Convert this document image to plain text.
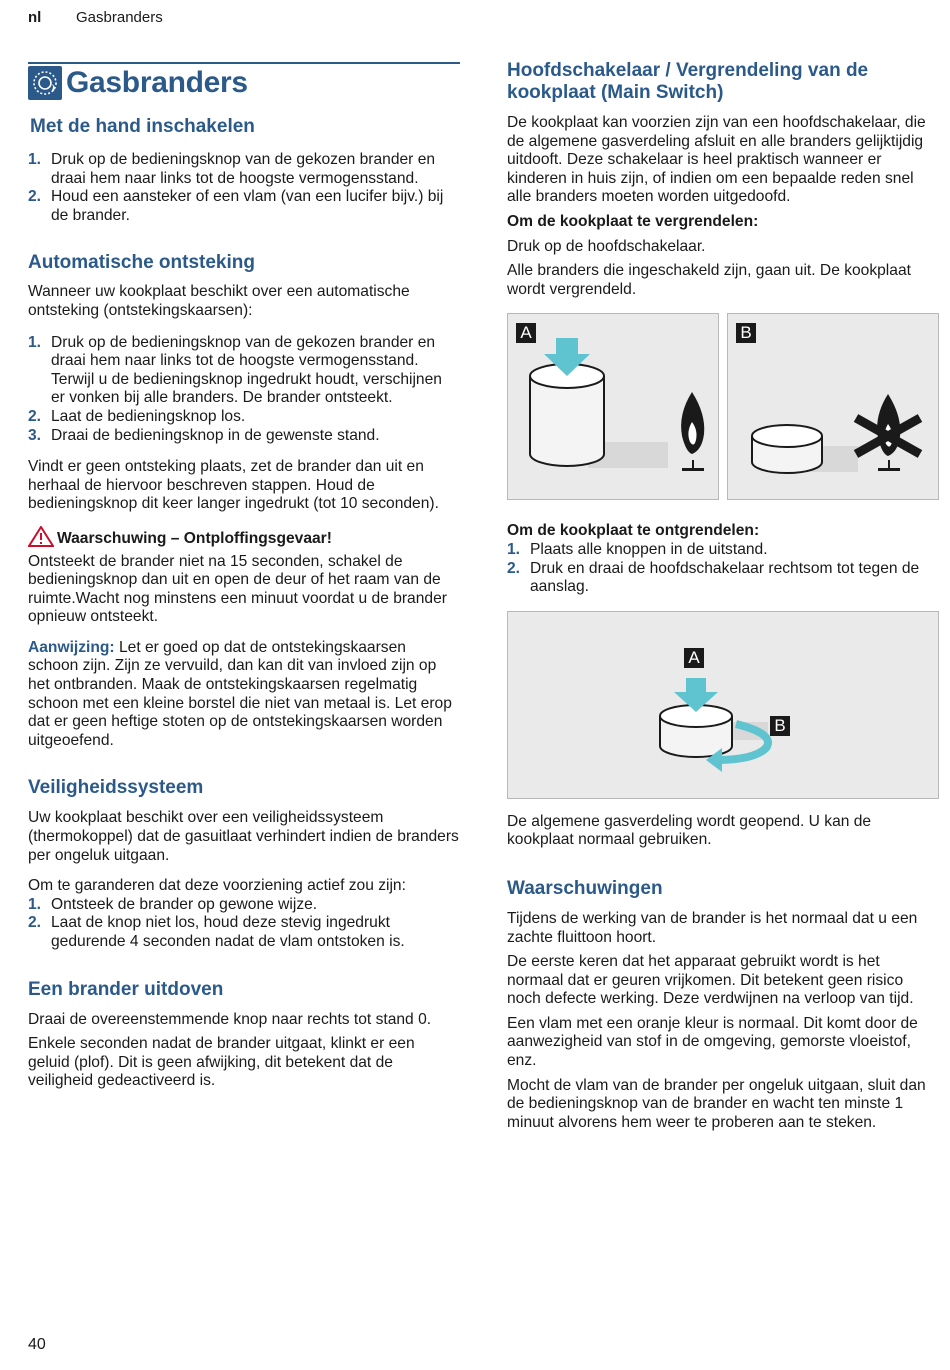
nl Gasbranders
Gasbranders
Met de hand inschakelen
1. Druk op de bedieningsknop van de gekozen brander en draai hem naar links tot de hoogste vermogensstand.
2. Houd een aansteker of een vlam (van een lucifer bijv.) bij de brander.
Automatische ontsteking

Wanneer uw kookplaat beschikt over een automatische ontsteking (ontstekingskaarsen):

1. Druk op de bedieningsknop van de gekozen brander en draai hem naar links tot de hoogste vermogensstand.
Terwijl u de bedieningsknop ingedrukt houdt, verschijnen er vonken bij alle branders. De brander ontsteekt.
2. Laat de bedieningsknop los.
3. Draai de bedieningsknop in de gewenste stand.

Vindt er geen ontsteking plaats, zet de brander dan uit en herhaal de hiervoor beschreven stappen. Houd de bedieningsknop dit keer langer ingedrukt (tot 10 seconden).

Waarschuwing – Ontploffingsgevaar!

Ontsteekt de brander niet na 15 seconden, schakel de bedieningsknop dan uit en open de deur of het raam van de ruimte.Wacht nog minstens een minuut voordat u de brander opnieuw ontsteekt.

Aanwijzing: Let er goed op dat de ontstekingskaarsen schoon zijn. Zijn ze vervuild, dan kan dit van invloed zijn op het ontbranden. Maak de ontstekingskaarsen regelmatig schoon met een kleine borstel die niet van metaal is. Let erop dat er geen heftige stoten op de ontstekingskaarsen worden uitgeoefend.

Veiligheidssysteem

Uw kookplaat beschikt over een veiligheidssysteem (thermokoppel) dat de gasuitlaat verhindert indien de branders per ongeluk uitgaan.

Om te garanderen dat deze voorziening actief zou zijn:

1. Ontsteek de brander op gewone wijze.
2. Laat de knop niet los, houd deze stevig ingedrukt gedurende 4 seconden nadat de vlam ontstoken is.
Een brander uitdoven

Draai de overeenstemmende knop naar rechts tot stand 0.

Enkele seconden nadat de brander uitgaat, klinkt er een geluid (plof). Dit is geen afwijking, dit betekent dat de veiligheid gedeactiveerd is.

Hoofdschakelaar / Vergrendeling van de kookplaat (Main Switch)

De kookplaat kan voorzien zijn van een hoofdschakelaar, die de algemene gasverdeling afsluit en alle branders gelijktijdig uitdooft. Deze schakelaar is heel praktisch wanneer er kinderen in huis zijn, of indien om een bepaalde reden snel alle branders moeten worden uitgedoofd.

Om de kookplaat te vergrendelen:

Druk op de hoofdschakelaar.

Alle branders die ingeschakeld zijn, gaan uit. De kookplaat wordt vergrendeld.

A	B
Om de kookplaat te ontgrendelen:
1. Plaats alle knoppen in de uitstand.
2. Druk en draai de hoofdschakelaar rechtsom tot tegen de aanslag.
A
B

De algemene gasverdeling wordt geopend. U kan de kookplaat normaal gebruiken.

Waarschuwingen

Tijdens de werking van de brander is het normaal dat u een zachte fluittoon hoort.

De eerste keren dat het apparaat gebruikt wordt is het normaal dat er geuren vrijkomen. Dit betekent geen risico noch defecte werking. Deze verdwijnen na verloop van tijd.

Een vlam met een oranje kleur is normaal. Dit komt door de aanwezigheid van stof in de omgeving, gemorste vloeistof, enz.

Mocht de vlam van de brander per ongeluk uitgaan, sluit dan de bedieningsknop van de brander en wacht ten minste 1 minuut alvorens hem weer te proberen aan te steken.

40
